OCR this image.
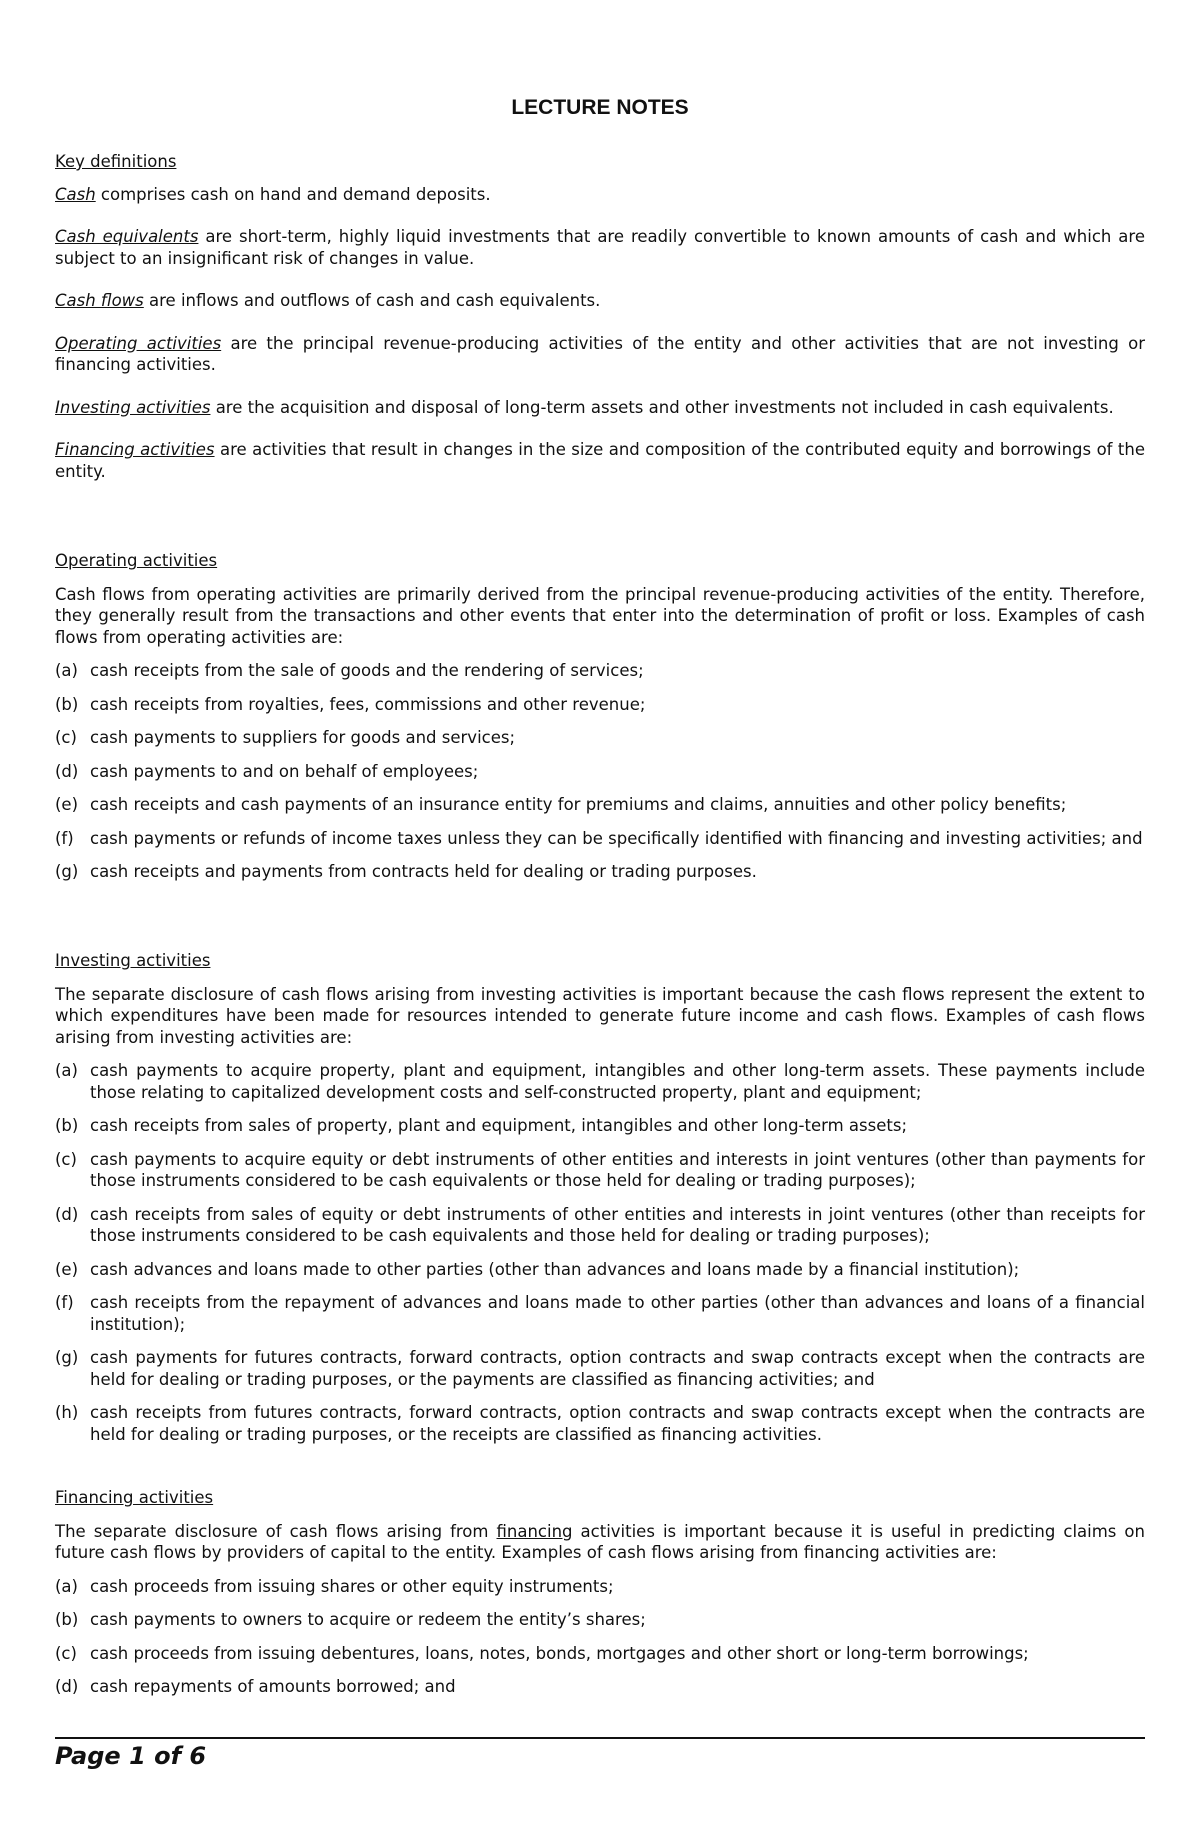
LECTURE NOTES

Key definitions

Cash comprises cash on hand and demand deposits.

Cash equivalents are short-term, highly liquid investments that are readily convertible to known amounts of cash and which are subject to an insignificant risk of changes in value.

Cash flows are inflows and outflows of cash and cash equivalents.

Operating activities are the principal revenue-producing activities of the entity and other activities that are not investing or financing activities.

Investing activities are the acquisition and disposal of long-term assets and other investments not included in cash equivalents.

Financing activities are activities that result in changes in the size and composition of the contributed equity and borrowings of the entity.

Operating activities

Cash flows from operating activities are primarily derived from the principal revenue-producing activities of the entity. Therefore, they generally result from the transactions and other events that enter into the determination of profit or loss. Examples of cash flows from operating activities are:

(a) cash receipts from the sale of goods and the rendering of services;
(b) cash receipts from royalties, fees, commissions and other revenue;
(c) cash payments to suppliers for goods and services;
(d) cash payments to and on behalf of employees;
(e) cash receipts and cash payments of an insurance entity for premiums and claims, annuities and other policy benefits;
(f) cash payments or refunds of income taxes unless they can be specifically identified with financing and investing activities; and
(g) cash receipts and payments from contracts held for dealing or trading purposes.

Investing activities

The separate disclosure of cash flows arising from investing activities is important because the cash flows represent the extent to which expenditures have been made for resources intended to generate future income and cash flows. Examples of cash flows arising from investing activities are:

(a) cash payments to acquire property, plant and equipment, intangibles and other long-term assets. These payments include those relating to capitalized development costs and self-constructed property, plant and equipment;
(b) cash receipts from sales of property, plant and equipment, intangibles and other long-term assets;
(c) cash payments to acquire equity or debt instruments of other entities and interests in joint ventures (other than payments for those instruments considered to be cash equivalents or those held for dealing or trading purposes);
(d) cash receipts from sales of equity or debt instruments of other entities and interests in joint ventures (other than receipts for those instruments considered to be cash equivalents and those held for dealing or trading purposes);
(e) cash advances and loans made to other parties (other than advances and loans made by a financial institution);
(f) cash receipts from the repayment of advances and loans made to other parties (other than advances and loans of a financial institution);
(g) cash payments for futures contracts, forward contracts, option contracts and swap contracts except when the contracts are held for dealing or trading purposes, or the payments are classified as financing activities; and
(h) cash receipts from futures contracts, forward contracts, option contracts and swap contracts except when the contracts are held for dealing or trading purposes, or the receipts are classified as financing activities.

Financing activities

The separate disclosure of cash flows arising from financing activities is important because it is useful in predicting claims on future cash flows by providers of capital to the entity. Examples of cash flows arising from financing activities are:

(a) cash proceeds from issuing shares or other equity instruments;
(b) cash payments to owners to acquire or redeem the entity’s shares;
(c) cash proceeds from issuing debentures, loans, notes, bonds, mortgages and other short or long-term borrowings;
(d) cash repayments of amounts borrowed; and
Page 1 of 6
